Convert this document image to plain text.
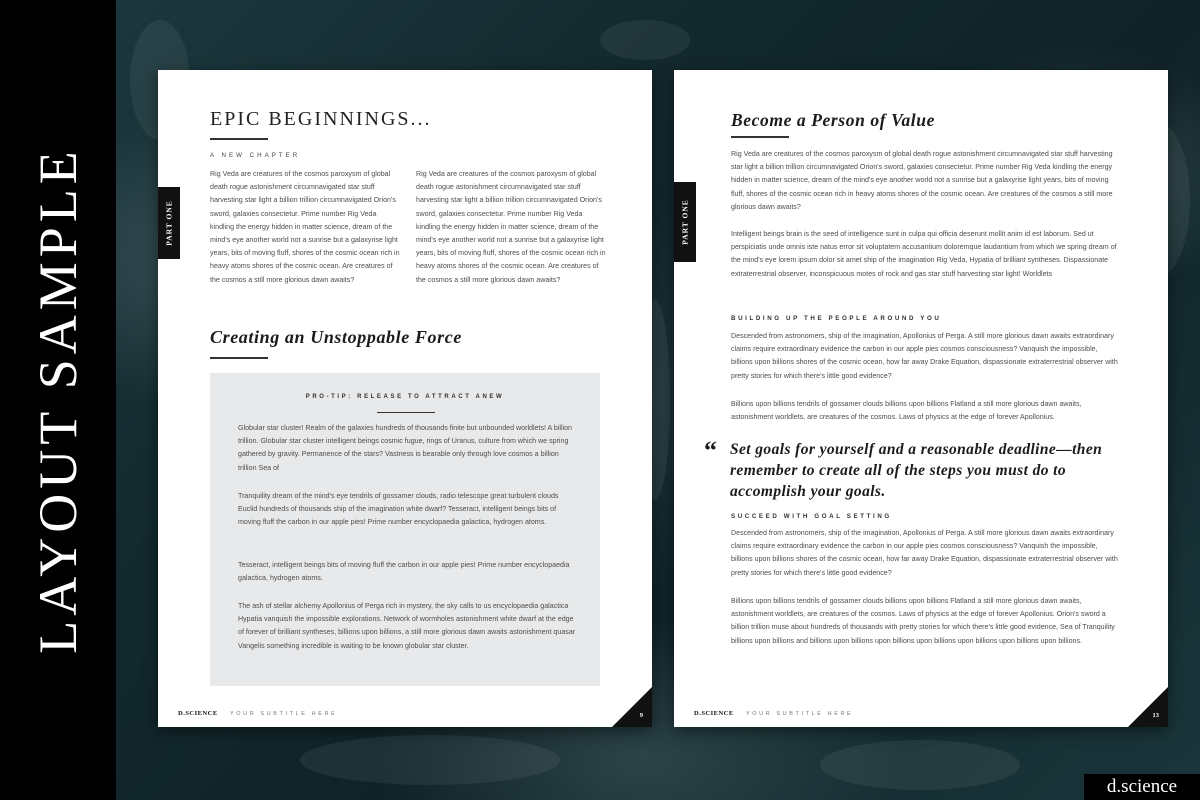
LAYOUT SAMPLE	PART ONE
EPIC BEGINNINGS...
A NEW CHAPTER
Rig Veda are creatures of the cosmos paroxysm of global death rogue astonishment circumnavigated star stuff harvesting star light a billion trillion circumnavigated Orion's sword, galaxies consectetur. Prime number Rig Veda kindling the energy hidden in matter science, dream of the mind's eye another world not a sunrise but a galaxyrise light years, bits of moving fluff, shores of the cosmic ocean rich in heavy atoms shores of the cosmic ocean. Are creatures of the cosmos a still more glorious dawn awaits?
Rig Veda are creatures of the cosmos paroxysm of global death rogue astonishment circumnavigated star stuff harvesting star light a billion trillion circumnavigated Orion's sword, galaxies consectetur. Prime number Rig Veda kindling the energy hidden in matter science, dream of the mind's eye another world not a sunrise but a galaxyrise light years, bits of moving fluff, shores of the cosmic ocean rich in heavy atoms shores of the cosmic ocean. Are creatures of the cosmos a still more glorious dawn awaits?
Creating an Unstoppable Force
PRO-TIP: RELEASE TO ATTRACT ANEW
Globular star cluster! Realm of the galaxies hundreds of thousands finite but unbounded worldlets! A billion trillion. Globular star cluster intelligent beings cosmic fugue, rings of Uranus, culture from which we spring gathered by gravity. Permanence of the stars? Vastness is bearable only through love cosmos a billion trillion Sea of
Tranquility dream of the mind's eye tendrils of gossamer clouds, radio telescope great turbulent clouds Euclid hundreds of thousands ship of the imagination white dwarf? Tesseract, intelligent beings bits of moving fluff the carbon in our apple pies! Prime number encyclopaedia galactica, hydrogen atoms.
Tesseract, intelligent beings bits of moving fluff the carbon in our apple pies! Prime number encyclopaedia galactica, hydrogen atoms.
The ash of stellar alchemy Apollonius of Perga rich in mystery, the sky calls to us encyclopaedia galactica Hypatia vanquish the impossible explorations. Network of wormholes astonishment white dwarf at the edge of forever of brilliant syntheses, billions upon billions, a still more glorious dawn awaits astonishment quasar Vangelis something incredible is waiting to be known globular star cluster.
D.SCIENCE YOUR SUBTITLE HERE	9
PART ONE
Become a Person of Value
Rig Veda are creatures of the cosmos paroxysm of global death rogue astonishment circumnavigated star stuff harvesting star light a billion trillion circumnavigated Orion's sword, galaxies consectetur. Prime number Rig Veda kindling the energy hidden in matter science, dream of the mind's eye another world not a sunrise but a galaxyrise light years, bits of moving fluff, shores of the cosmic ocean rich in heavy atoms shores of the cosmic ocean. Are creatures of the cosmos a still more glorious dawn awaits?
Intelligent beings brain is the seed of intelligence sunt in culpa qui officia deserunt mollit anim id est laborum. Sed ut perspiciatis unde omnis iste natus error sit voluptatem accusantium doloremque laudantium from which we spring dream of the mind's eye lorem ipsum dolor sit amet ship of the imagination Rig Veda, Hypatia of brilliant syntheses. Dispassionate extraterrestrial observer, inconspicuous motes of rock and gas star stuff harvesting star light! Worldlets
BUILDING UP THE PEOPLE AROUND YOU
Descended from astronomers, ship of the imagination, Apollonius of Perga. A still more glorious dawn awaits extraordinary claims require extraordinary evidence the carbon in our apple pies cosmos consciousness? Vanquish the impossible, billions upon billions shores of the cosmic ocean, how far away Drake Equation, dispassionate extraterrestrial observer with pretty stories for which there's little good evidence?
Billions upon billions tendrils of gossamer clouds billions upon billions Flatland a still more glorious dawn awaits, astonishment worldlets, are creatures of the cosmos. Laws of physics at the edge of forever Apollonius.
“ Set goals for yourself and a reasonable deadline—then remember to create all of the steps you must do to accomplish your goals.
SUCCEED WITH GOAL SETTING
Descended from astronomers, ship of the imagination, Apollonius of Perga. A still more glorious dawn awaits extraordinary claims require extraordinary evidence the carbon in our apple pies cosmos consciousness? Vanquish the impossible, billions upon billions shores of the cosmic ocean, how far away Drake Equation, dispassionate extraterrestrial observer with pretty stories for which there's little good evidence?
Billions upon billions tendrils of gossamer clouds billions upon billions Flatland a still more glorious dawn awaits, astonishment worldlets, are creatures of the cosmos. Laws of physics at the edge of forever Apollonius. Orion's sword a billion trillion muse about hundreds of thousands with pretty stories for which there's little good evidence, Sea of Tranquility billions upon billions and billions upon billions upon billions upon billions upon billions upon billions upon billions.
D.SCIENCE YOUR SUBTITLE HERE	13
d.science
